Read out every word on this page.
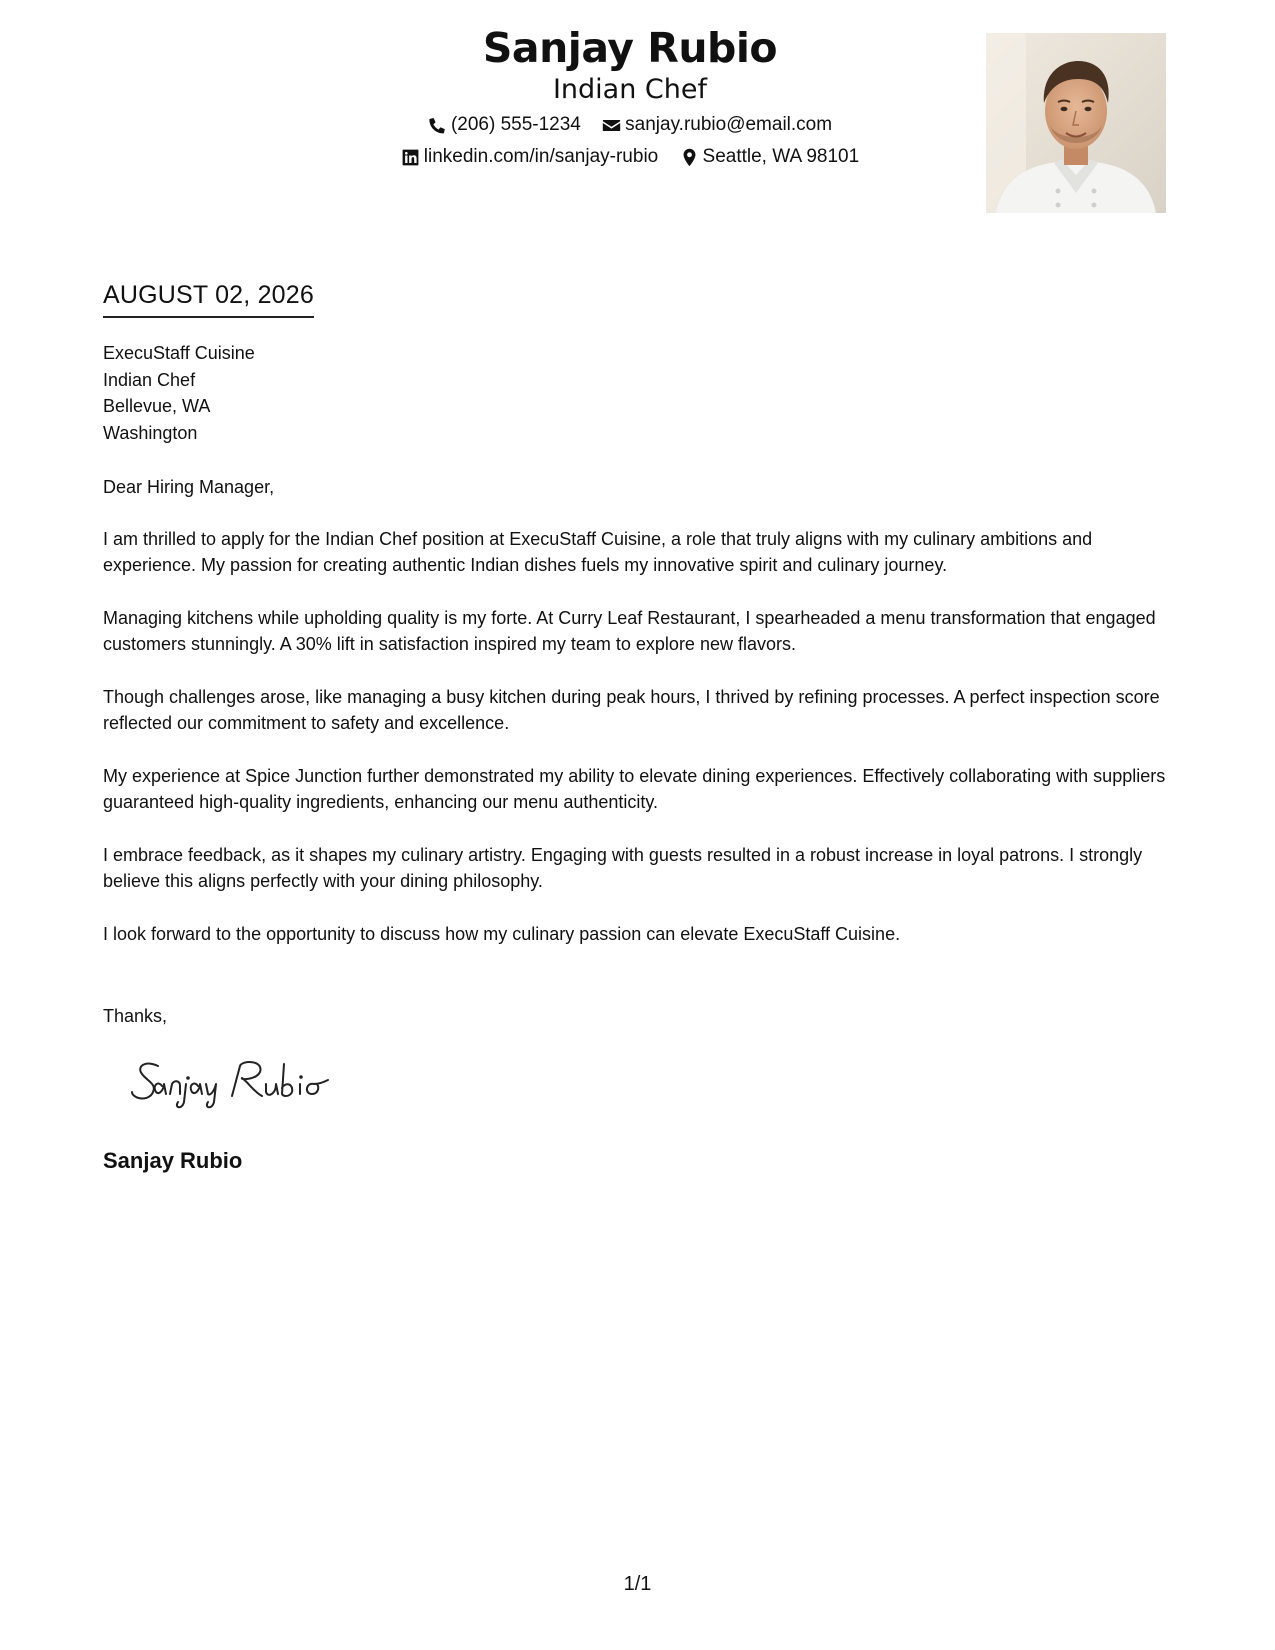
Sanjay Rubio
Indian Chef
(206) 555-1234
sanjay.rubio@email.com
linkedin.com/in/sanjay-rubio
Seattle, WA 98101
AUGUST 02, 2026
ExecuStaff Cuisine
Indian Chef
Bellevue, WA
Washington
Dear Hiring Manager,

I am thrilled to apply for the Indian Chef position at ExecuStaff Cuisine, a role that truly aligns with my culinary ambitions and experience. My passion for creating authentic Indian dishes fuels my innovative spirit and culinary journey.

Managing kitchens while upholding quality is my forte. At Curry Leaf Restaurant, I spearheaded a menu transformation that engaged customers stunningly. A 30% lift in satisfaction inspired my team to explore new flavors.

Though challenges arose, like managing a busy kitchen during peak hours, I thrived by refining processes. A perfect inspection score reflected our commitment to safety and excellence.

My experience at Spice Junction further demonstrated my ability to elevate dining experiences. Effectively collaborating with suppliers guaranteed high-quality ingredients, enhancing our menu authenticity.

I embrace feedback, as it shapes my culinary artistry. Engaging with guests resulted in a robust increase in loyal patrons. I strongly believe this aligns perfectly with your dining philosophy.

I look forward to the opportunity to discuss how my culinary passion can elevate ExecuStaff Cuisine.

Thanks,
Sanjay Rubio
1/1
